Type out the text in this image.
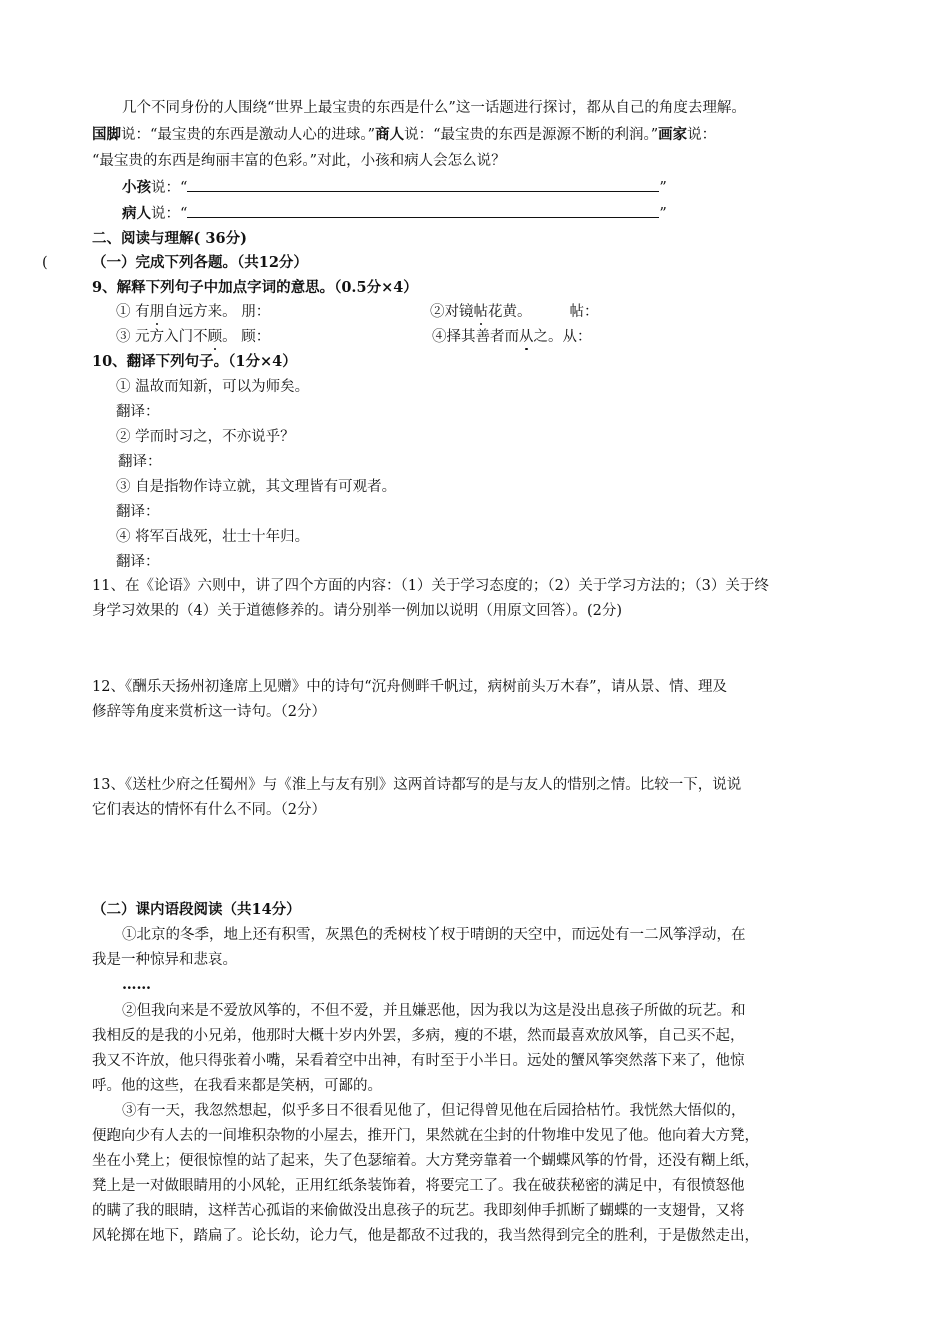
几个不同身份的人围绕“世界上最宝贵的东西是什么”这一话题进行探讨，都从自己的角度去理解。
国脚说：“最宝贵的东西是激动人心的进球。”商人说：“最宝贵的东西是源源不断的利润。”画家说：
“最宝贵的东西是绚丽丰富的色彩。”对此，小孩和病人会怎么说？
小孩说：“	”
病人说：“	”
二、阅读与理解( 36分)
(	（一）完成下列各题。（共12分）
9、解释下列句子中加点字词的意思。（0.5分×4）
① 有朋自远方来。 朋：	②对镜帖花黄。	帖：
③ 元方入门不顾。 顾：	④择其善者而从之。从：
10、翻译下列句子。（1分×4）
① 温故而知新，可以为师矣。
翻译：
② 学而时习之，不亦说乎？
翻译：
③ 自是指物作诗立就，其文理皆有可观者。
翻译：
④ 将军百战死，壮士十年归。
翻译：
11、在《论语》六则中，讲了四个方面的内容：（1）关于学习态度的；（2）关于学习方法的；（3）关于终
身学习效果的（4）关于道德修养的。请分别举一例加以说明（用原文回答）。(2分)
12、《酬乐天扬州初逢席上见赠》中的诗句“沉舟侧畔千帆过，病树前头万木春”，请从景、情、理及
修辞等角度来赏析这一诗句。（2分）
13、《送杜少府之任蜀州》与《淮上与友有别》这两首诗都写的是与友人的惜别之情。比较一下，说说
它们表达的情怀有什么不同。（2分）
（二）课内语段阅读（共14分）
①北京的冬季，地上还有积雪，灰黑色的秃树枝丫杈于晴朗的天空中，而远处有一二风筝浮动，在
我是一种惊异和悲哀。
……
②但我向来是不爱放风筝的，不但不爱，并且嫌恶他，因为我以为这是没出息孩子所做的玩艺。和
我相反的是我的小兄弟，他那时大概十岁内外罢，多病，瘦的不堪，然而最喜欢放风筝，自己买不起，
我又不许放，他只得张着小嘴，呆看着空中出神，有时至于小半日。远处的蟹风筝突然落下来了，他惊
呼。他的这些，在我看来都是笑柄，可鄙的。
③有一天，我忽然想起，似乎多日不很看见他了，但记得曾见他在后园拾枯竹。我恍然大悟似的，
便跑向少有人去的一间堆积杂物的小屋去，推开门，果然就在尘封的什物堆中发见了他。他向着大方凳，
坐在小凳上；便很惊惶的站了起来，失了色瑟缩着。大方凳旁靠着一个蝴蝶风筝的竹骨，还没有糊上纸，
凳上是一对做眼睛用的小风轮，正用红纸条装饰着，将要完工了。我在破获秘密的满足中，有很愤怒他
的瞒了我的眼睛，这样苦心孤诣的来偷做没出息孩子的玩艺。我即刻伸手抓断了蝴蝶的一支翅骨，又将
风轮掷在地下，踏扁了。论长幼，论力气，他是都敌不过我的，我当然得到完全的胜利，于是傲然走出，
